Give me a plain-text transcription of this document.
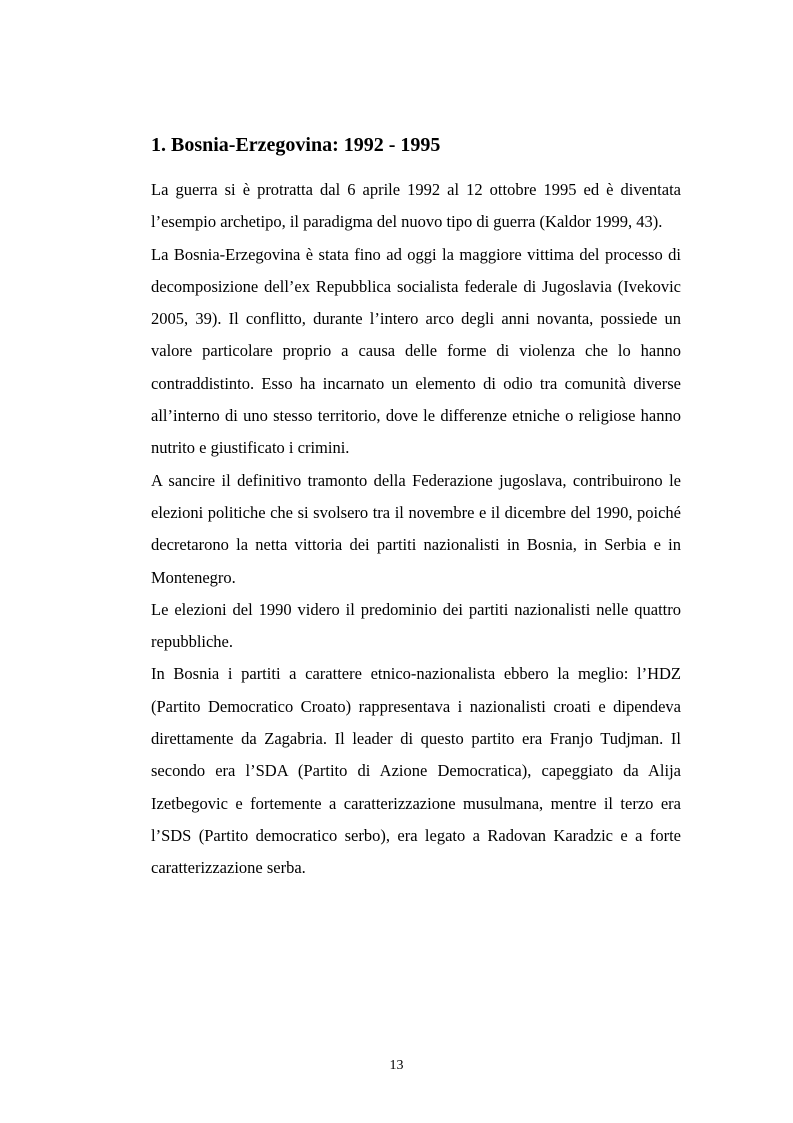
1. Bosnia-Erzegovina: 1992 - 1995

La guerra si è protratta dal 6 aprile 1992 al 12 ottobre 1995 ed è diventata l’esempio archetipo, il paradigma del nuovo tipo di guerra (Kaldor 1999, 43).

La Bosnia-Erzegovina è stata fino ad oggi la maggiore vittima del processo di decomposizione dell’ex Repubblica socialista federale di Jugoslavia (Ivekovic 2005, 39). Il conflitto, durante l’intero arco degli anni novanta, possiede un valore particolare proprio a causa delle forme di violenza che lo hanno contraddistinto. Esso ha incarnato un elemento di odio tra comunità diverse all’interno di uno stesso territorio, dove le differenze etniche o religiose hanno nutrito e giustificato i crimini.

A sancire il definitivo tramonto della Federazione jugoslava, contribuirono le elezioni politiche che si svolsero tra il novembre e il dicembre del 1990, poiché decretarono la netta vittoria dei partiti nazionalisti in Bosnia, in Serbia e in Montenegro.

Le elezioni del 1990 videro il predominio dei partiti nazionalisti nelle quattro repubbliche.

In Bosnia i partiti a carattere etnico-nazionalista ebbero la meglio: l’HDZ (Partito Democratico Croato) rappresentava i nazionalisti croati e dipendeva direttamente da Zagabria. Il leader di questo partito era Franjo Tudjman. Il secondo era l’SDA (Partito di Azione Democratica), capeggiato da Alija Izetbegovic e fortemente a caratterizzazione musulmana, mentre il terzo era l’SDS (Partito democratico serbo), era legato a Radovan Karadzic e a forte caratterizzazione serba.

13
